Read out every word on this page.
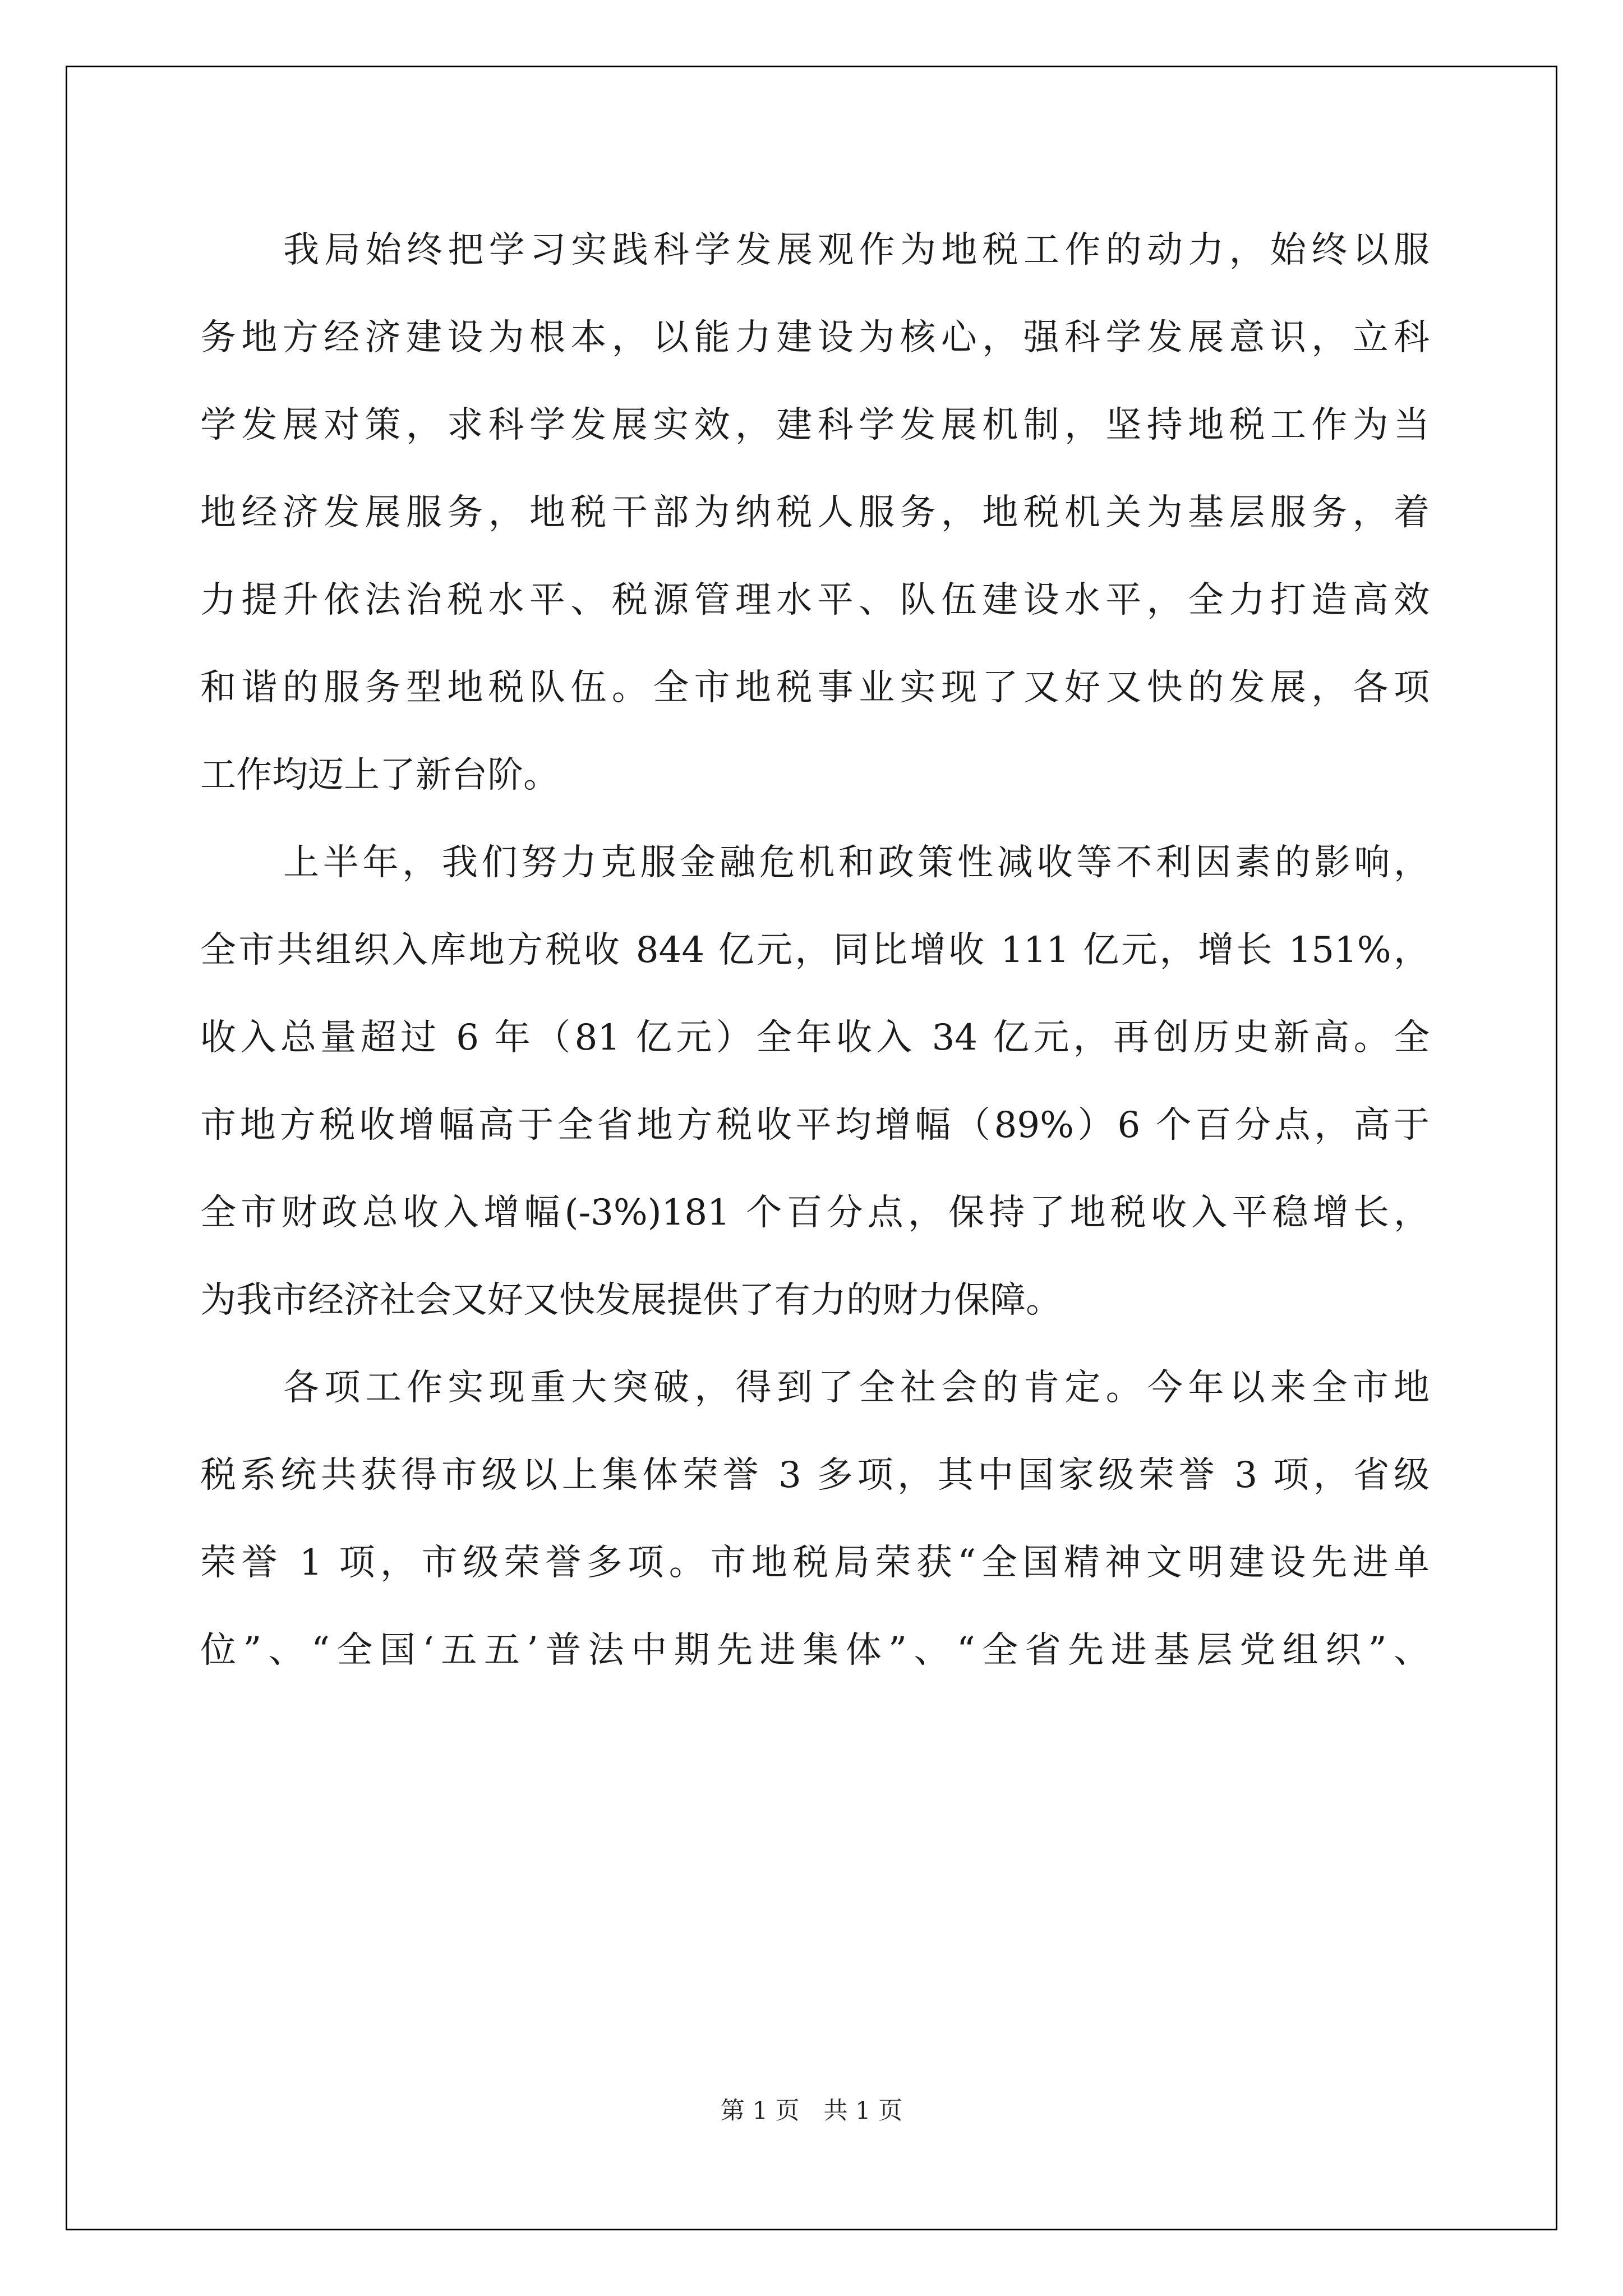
我局始终把学习实践科学发展观作为地税工作的动力，始终以服
务地方经济建设为根本，以能力建设为核心，强科学发展意识，立科
学发展对策，求科学发展实效，建科学发展机制，坚持地税工作为当
地经济发展服务，地税干部为纳税人服务，地税机关为基层服务，着
力提升依法治税水平、税源管理水平、队伍建设水平，全力打造高效
和谐的服务型地税队伍。全市地税事业实现了又好又快的发展，各项
工作均迈上了新台阶。
上半年，我们努力克服金融危机和政策性减收等不利因素的影响，
全市共组织入库地方税收 844 亿元，同比增收 111 亿元，增长 151%，
收入总量超过 6 年（81 亿元）全年收入 34 亿元，再创历史新高。全
市地方税收增幅高于全省地方税收平均增幅（89%）6 个百分点，高于
全市财政总收入增幅(-3%)181 个百分点，保持了地税收入平稳增长，
为我市经济社会又好又快发展提供了有力的财力保障。
各项工作实现重大突破，得到了全社会的肯定。今年以来全市地
税系统共获得市级以上集体荣誉 3 多项，其中国家级荣誉 3 项，省级
荣誉 1 项，市级荣誉多项。市地税局荣获“全国精神文明建设先进单
位”、“全国‘五五’普法中期先进集体”、“全省先进基层党组织”、
第 1 页　共 1 页
